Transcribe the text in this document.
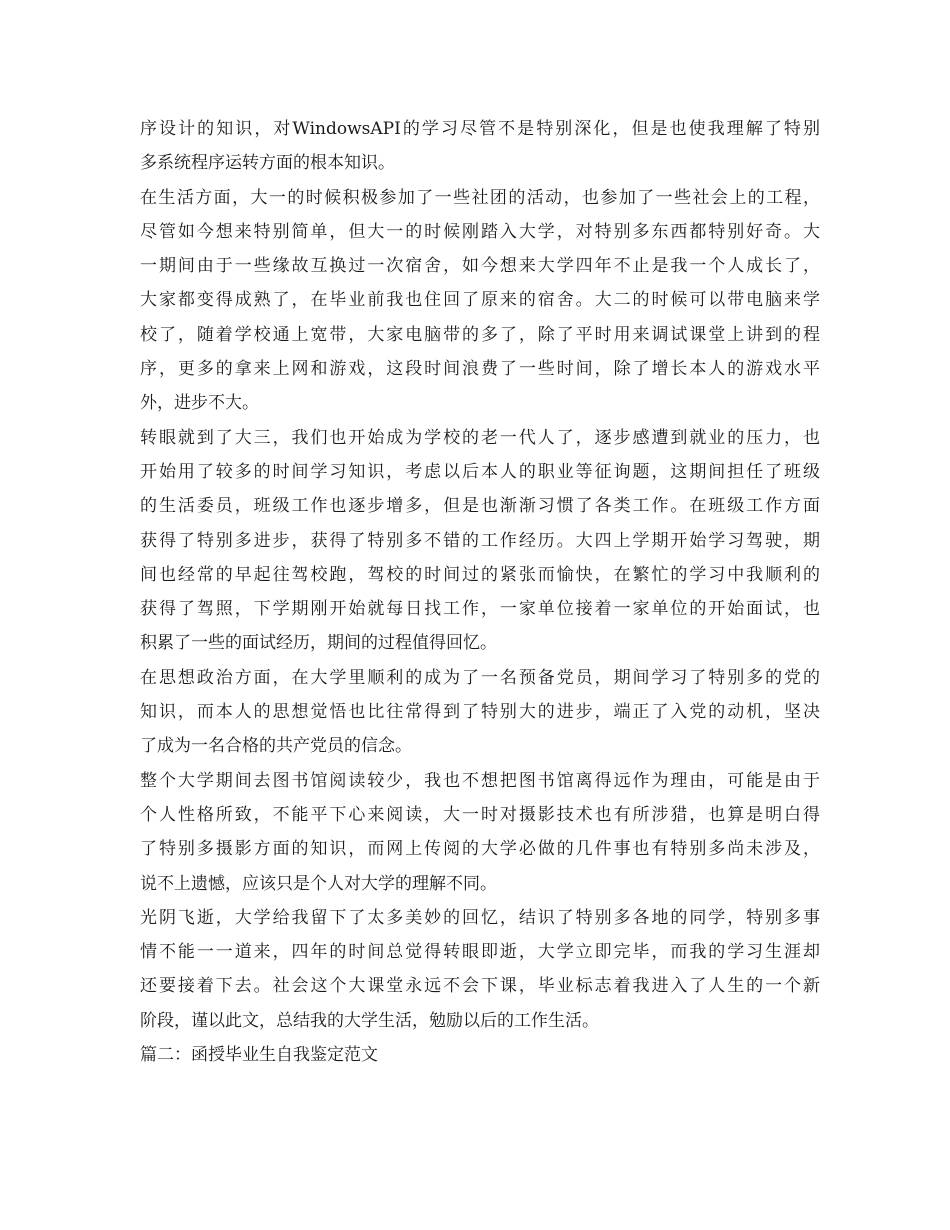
序设计的知识，对WindowsAPI的学习尽管不是特别深化，但是也使我理解了特别
多系统程序运转方面的根本知识。
在生活方面，大一的时候积极参加了一些社团的活动，也参加了一些社会上的工程，
尽管如今想来特别简单，但大一的时候刚踏入大学，对特别多东西都特别好奇。大
一期间由于一些缘故互换过一次宿舍，如今想来大学四年不止是我一个人成长了，
大家都变得成熟了，在毕业前我也住回了原来的宿舍。大二的时候可以带电脑来学
校了，随着学校通上宽带，大家电脑带的多了，除了平时用来调试课堂上讲到的程
序，更多的拿来上网和游戏，这段时间浪费了一些时间，除了增长本人的游戏水平
外，进步不大。
转眼就到了大三，我们也开始成为学校的老一代人了，逐步感遭到就业的压力，也
开始用了较多的时间学习知识，考虑以后本人的职业等征询题，这期间担任了班级
的生活委员，班级工作也逐步增多，但是也渐渐习惯了各类工作。在班级工作方面
获得了特别多进步，获得了特别多不错的工作经历。大四上学期开始学习驾驶，期
间也经常的早起往驾校跑，驾校的时间过的紧张而愉快，在繁忙的学习中我顺利的
获得了驾照，下学期刚开始就每日找工作，一家单位接着一家单位的开始面试，也
积累了一些的面试经历，期间的过程值得回忆。
在思想政治方面，在大学里顺利的成为了一名预备党员，期间学习了特别多的党的
知识，而本人的思想觉悟也比往常得到了特别大的进步，端正了入党的动机，坚决
了成为一名合格的共产党员的信念。
整个大学期间去图书馆阅读较少，我也不想把图书馆离得远作为理由，可能是由于
个人性格所致，不能平下心来阅读，大一时对摄影技术也有所涉猎，也算是明白得
了特别多摄影方面的知识，而网上传阅的大学必做的几件事也有特别多尚未涉及，
说不上遗憾，应该只是个人对大学的理解不同。
光阴飞逝，大学给我留下了太多美妙的回忆，结识了特别多各地的同学，特别多事
情不能一一道来，四年的时间总觉得转眼即逝，大学立即完毕，而我的学习生涯却
还要接着下去。社会这个大课堂永远不会下课，毕业标志着我进入了人生的一个新
阶段，谨以此文，总结我的大学生活，勉励以后的工作生活。
篇二：函授毕业生自我鉴定范文
